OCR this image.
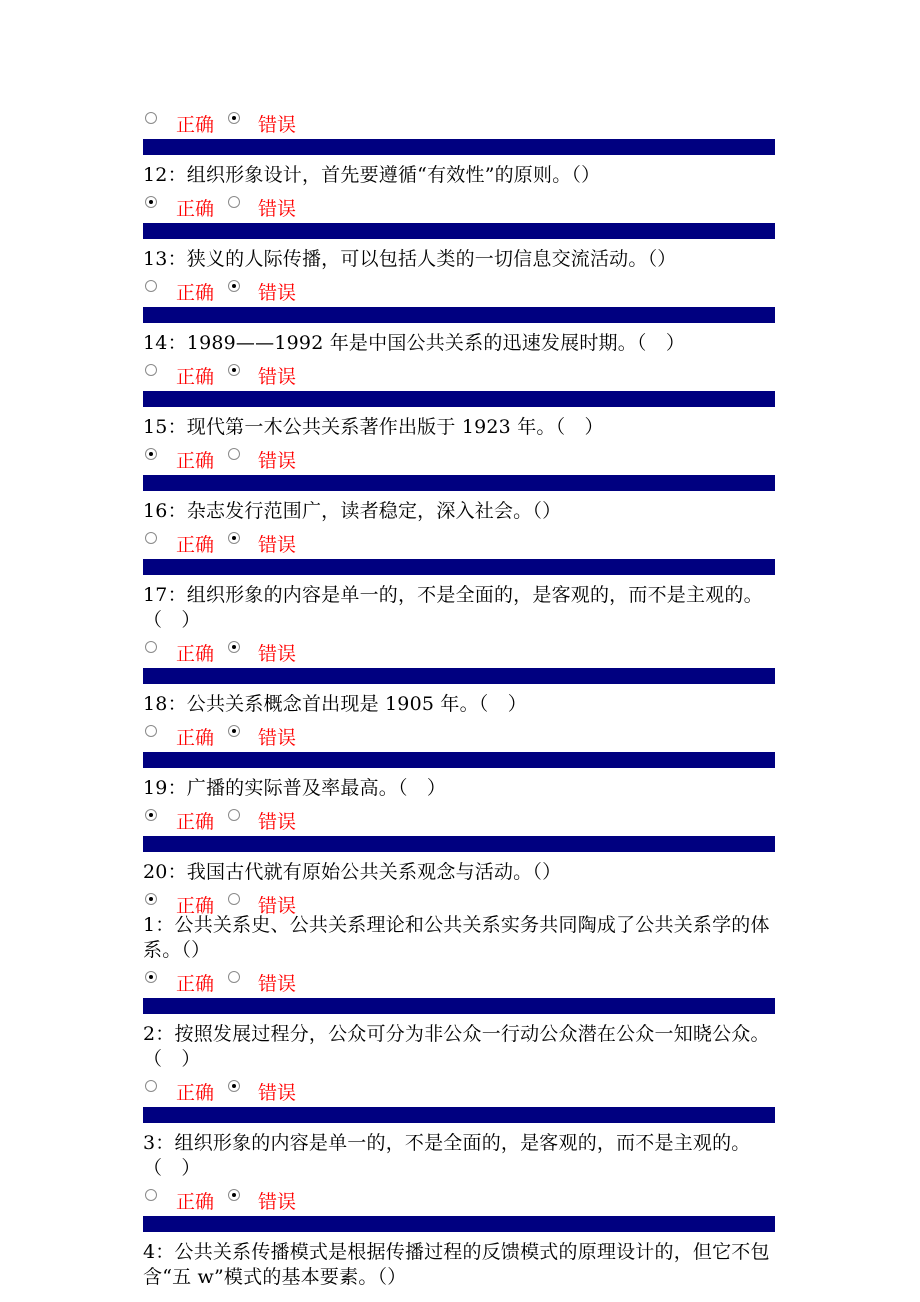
正确	错误

12：组织形象设计，首先要遵循“有效性”的原则。（）

正确	错误

13：狭义的人际传播，可以包括人类的一切信息交流活动。（）

正确	错误

14：1989——1992 年是中国公共关系的迅速发展时期。（　）

正确	错误

15：现代第一木公共关系著作出版于 1923 年。（　）

正确	错误

16：杂志发行范围广，读者稳定，深入社会。（）

正确	错误

17：组织形象的内容是单一的，不是全面的，是客观的，而不是主观的。（　）

正确	错误

18：公共关系概念首出现是 1905 年。（　）

正确	错误

19：广播的实际普及率最高。（　）

正确	错误

20：我国古代就有原始公共关系观念与活动。（）

正确	错误

1：公共关系史、公共关系理论和公共关系实务共同陶成了公共关系学的体系。（）

正确	错误

2：按照发展过程分，公众可分为非公众一行动公众潜在公众一知晓公众。（　）

正确	错误

3：组织形象的内容是单一的，不是全面的，是客观的，而不是主观的。（　）

正确	错误

4：公共关系传播模式是根据传播过程的反馈模式的原理设计的，但它不包含“五 w”模式的基本要素。（）
